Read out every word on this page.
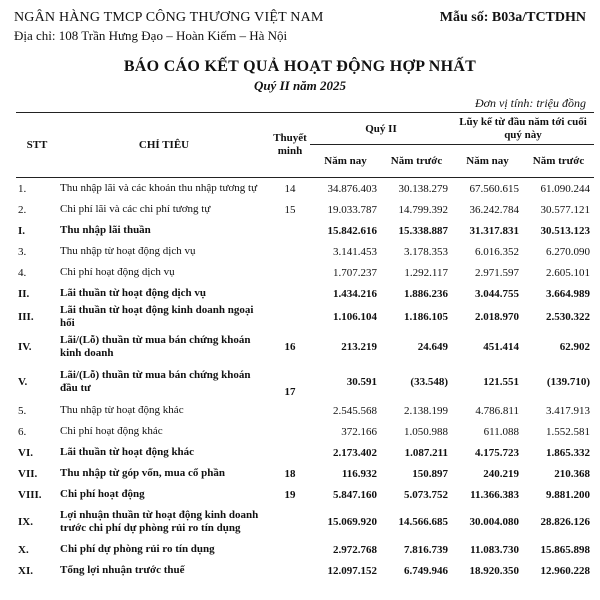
NGÂN HÀNG TMCP CÔNG THƯƠNG VIỆT NAM
Địa chỉ: 108 Trần Hưng Đạo – Hoàn Kiếm – Hà Nội
Mẫu số: B03a/TCTDHN
BÁO CÁO KẾT QUẢ HOẠT ĐỘNG HỢP NHẤT
Quý II năm 2025
Đơn vị tính: triệu đồng
STT	CHỈ TIÊU	Thuyết minh	Quý II		Lũy kế từ đầu năm tới cuối quý này	
			Năm nay	Năm trước	Năm nay	Năm trước
1.	Thu nhập lãi và các khoản thu nhập tương tự	14	34.876.403	30.138.279	67.560.615	61.090.244
2.	Chi phí lãi và các chi phí tương tự	15	19.033.787	14.799.392	36.242.784	30.577.121
I.	Thu nhập lãi thuần		15.842.616	15.338.887	31.317.831	30.513.123
3.	Thu nhập từ hoạt động dịch vụ		3.141.453	3.178.353	6.016.352	6.270.090
4.	Chi phí hoạt động dịch vụ		1.707.237	1.292.117	2.971.597	2.605.101
II.	Lãi thuần từ hoạt động dịch vụ		1.434.216	1.886.236	3.044.755	3.664.989
III.	Lãi thuần từ hoạt động kinh doanh ngoại hối		1.106.104	1.186.105	2.018.970	2.530.322
IV.	Lãi/(Lỗ) thuần từ mua bán chứng khoán kinh doanh	16	213.219	24.649	451.414	62.902
V.	Lãi/(Lỗ) thuần từ mua bán chứng khoán đầu tư	17	30.591	(33.548)	121.551	(139.710)
5.	Thu nhập từ hoạt động khác		2.545.568	2.138.199	4.786.811	3.417.913
6.	Chi phí hoạt động khác		372.166	1.050.988	611.088	1.552.581
VI.	Lãi thuần từ hoạt động khác		2.173.402	1.087.211	4.175.723	1.865.332
VII.	Thu nhập từ góp vốn, mua cổ phần	18	116.932	150.897	240.219	210.368
VIII.	Chi phí hoạt động	19	5.847.160	5.073.752	11.366.383	9.881.200
IX.	Lợi nhuận thuần từ hoạt động kinh doanh trước chi phí dự phòng rủi ro tín dụng		15.069.920	14.566.685	30.004.080	28.826.126
X.	Chi phí dự phòng rủi ro tín dụng		2.972.768	7.816.739	11.083.730	15.865.898
XI.	Tổng lợi nhuận trước thuế		12.097.152	6.749.946	18.920.350	12.960.228
